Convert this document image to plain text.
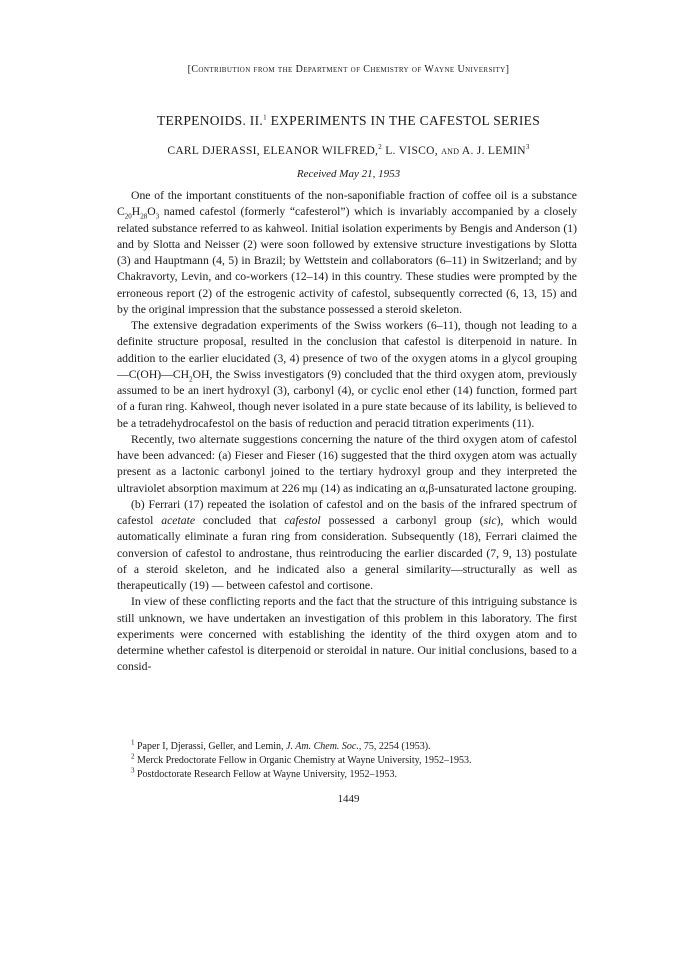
[Contribution from the Department of Chemistry of Wayne University]
TERPENOIDS. II.$^1$ EXPERIMENTS IN THE CAFESTOL SERIES
CARL DJERASSI, ELEANOR WILFRED,$^2$ L. VISCO, and A. J. LEMIN$^3$
Received May 21, 1953

One of the important constituents of the non-saponifiable fraction of coffee oil is a substance $C_{20}H_{28}O_3$ named cafestol (formerly “cafesterol”) which is invariably accompanied by a closely related substance referred to as kahweol. Initial isolation experiments by Bengis and Anderson (1) and by Slotta and Neisser (2) were soon followed by extensive structure investigations by Slotta (3) and Hauptmann (4, 5) in Brazil; by Wettstein and collaborators (6–11) in Switzerland; and by Chakravorty, Levin, and co-workers (12–14) in this country. These studies were prompted by the erroneous report (2) of the estrogenic activity of cafestol, subsequently corrected (6, 13, 15) and by the original impression that the substance possessed a steroid skeleton.

The extensive degradation experiments of the Swiss workers (6–11), though not leading to a definite structure proposal, resulted in the conclusion that cafestol is diterpenoid in nature. In addition to the earlier elucidated (3, 4) presence of two of the oxygen atoms in a glycol grouping $—C(OH)—CH_2OH$, the Swiss investigators (9) concluded that the third oxygen atom, previously assumed to be an inert hydroxyl (3), carbonyl (4), or cyclic enol ether (14) function, formed part of a furan ring. Kahweol, though never isolated in a pure state because of its lability, is believed to be a tetradehydrocafestol on the basis of reduction and peracid titration experiments (11).

Recently, two alternate suggestions concerning the nature of the third oxygen atom of cafestol have been advanced: (a) Fieser and Fieser (16) suggested that the third oxygen atom was actually present as a lactonic carbonyl joined to the tertiary hydroxyl group and they interpreted the ultraviolet absorption maximum at 226 mμ (14) as indicating an α,β-unsaturated lactone grouping.

(b) Ferrari (17) repeated the isolation of cafestol and on the basis of the infrared spectrum of cafestol acetate concluded that cafestol possessed a carbonyl group (sic), which would automatically eliminate a furan ring from consideration. Subsequently (18), Ferrari claimed the conversion of cafestol to androstane, thus reintroducing the earlier discarded (7, 9, 13) postulate of a steroid skeleton, and he indicated also a general similarity—structurally as well as therapeutically (19) — between cafestol and cortisone.

In view of these conflicting reports and the fact that the structure of this intriguing substance is still unknown, we have undertaken an investigation of this problem in this laboratory. The first experiments were concerned with establishing the identity of the third oxygen atom and to determine whether cafestol is diterpenoid or steroidal in nature. Our initial conclusions, based to a consid-

$^1$ Paper I, Djerassi, Geller, and Lemin, J. Am. Chem. Soc., 75, 2254 (1953).
$^2$ Merck Predoctorate Fellow in Organic Chemistry at Wayne University, 1952–1953.
$^3$ Postdoctorate Research Fellow at Wayne University, 1952–1953.
1449
